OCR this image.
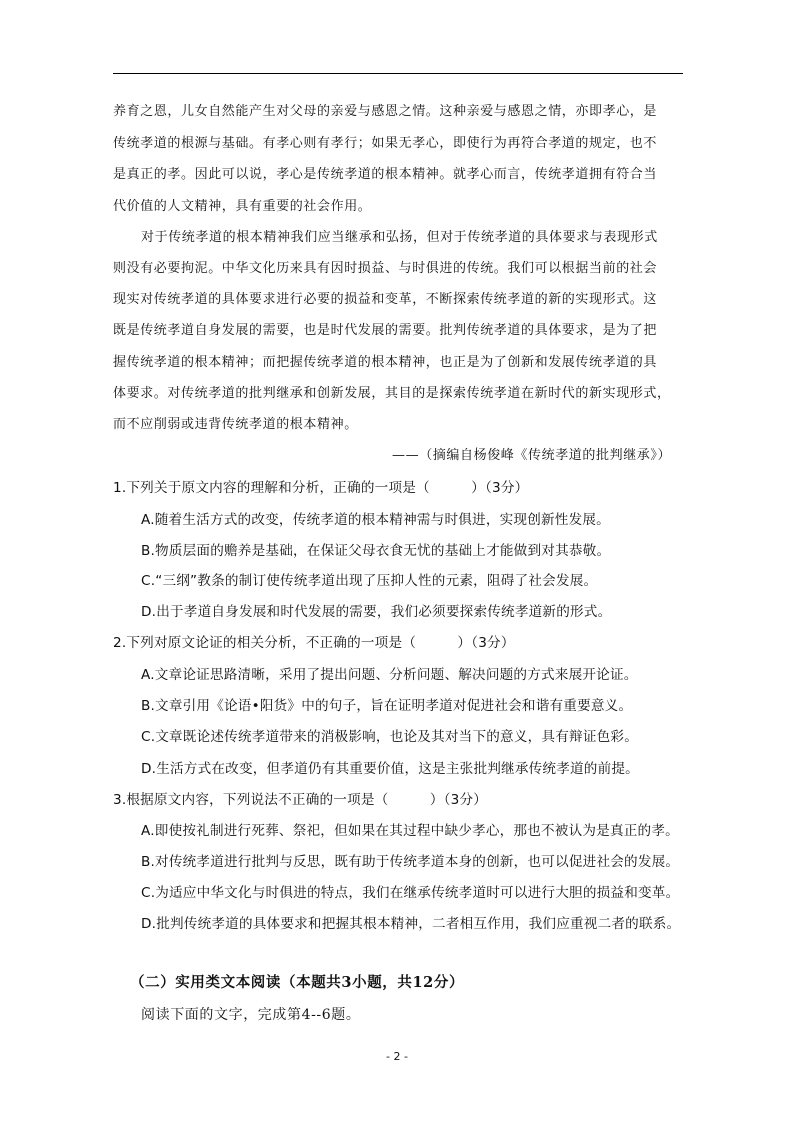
养育之恩，儿女自然能产生对父母的亲爱与感恩之情。这种亲爱与感恩之情，亦即孝心，是
传统孝道的根源与基础。有孝心则有孝行；如果无孝心，即使行为再符合孝道的规定，也不
是真正的孝。因此可以说，孝心是传统孝道的根本精神。就孝心而言，传统孝道拥有符合当
代价值的人文精神，具有重要的社会作用。
对于传统孝道的根本精神我们应当继承和弘扬，但对于传统孝道的具体要求与表现形式
则没有必要拘泥。中华文化历来具有因时损益、与时俱进的传统。我们可以根据当前的社会
现实对传统孝道的具体要求进行必要的损益和变革，不断探索传统孝道的新的实现形式。这
既是传统孝道自身发展的需要，也是时代发展的需要。批判传统孝道的具体要求，是为了把
握传统孝道的根本精神；而把握传统孝道的根本精神，也正是为了创新和发展传统孝道的具
体要求。对传统孝道的批判继承和创新发展，其目的是探索传统孝道在新时代的新实现形式，
而不应削弱或违背传统孝道的根本精神。
——（摘编自杨俊峰《传统孝道的批判继承》）
1.下列关于原文内容的理解和分析，正确的一项是（　　　）（3分）
A.随着生活方式的改变，传统孝道的根本精神需与时俱进，实现创新性发展。
B.物质层面的赡养是基础，在保证父母衣食无忧的基础上才能做到对其恭敬。
C.“三纲”教条的制订使传统孝道出现了压抑人性的元素，阻碍了社会发展。
D.出于孝道自身发展和时代发展的需要，我们必须要探索传统孝道新的形式。
2.下列对原文论证的相关分析，不正确的一项是（　　　）（3分）
A.文章论证思路清晰，采用了提出问题、分析问题、解决问题的方式来展开论证。
B.文章引用《论语•阳货》中的句子，旨在证明孝道对促进社会和谐有重要意义。
C.文章既论述传统孝道带来的消极影响，也论及其对当下的意义，具有辩证色彩。
D.生活方式在改变，但孝道仍有其重要价值，这是主张批判继承传统孝道的前提。
3.根据原文内容，下列说法不正确的一项是（　　　）（3分）
A.即使按礼制进行死葬、祭祀，但如果在其过程中缺少孝心，那也不被认为是真正的孝。
B.对传统孝道进行批判与反思，既有助于传统孝道本身的创新，也可以促进社会的发展。
C.为适应中华文化与时俱进的特点，我们在继承传统孝道时可以进行大胆的损益和变革。
D.批判传统孝道的具体要求和把握其根本精神，二者相互作用，我们应重视二者的联系。
（二）实用类文本阅读（本题共3小题，共12分）
阅读下面的文字，完成第4--6题。
- 2 -
